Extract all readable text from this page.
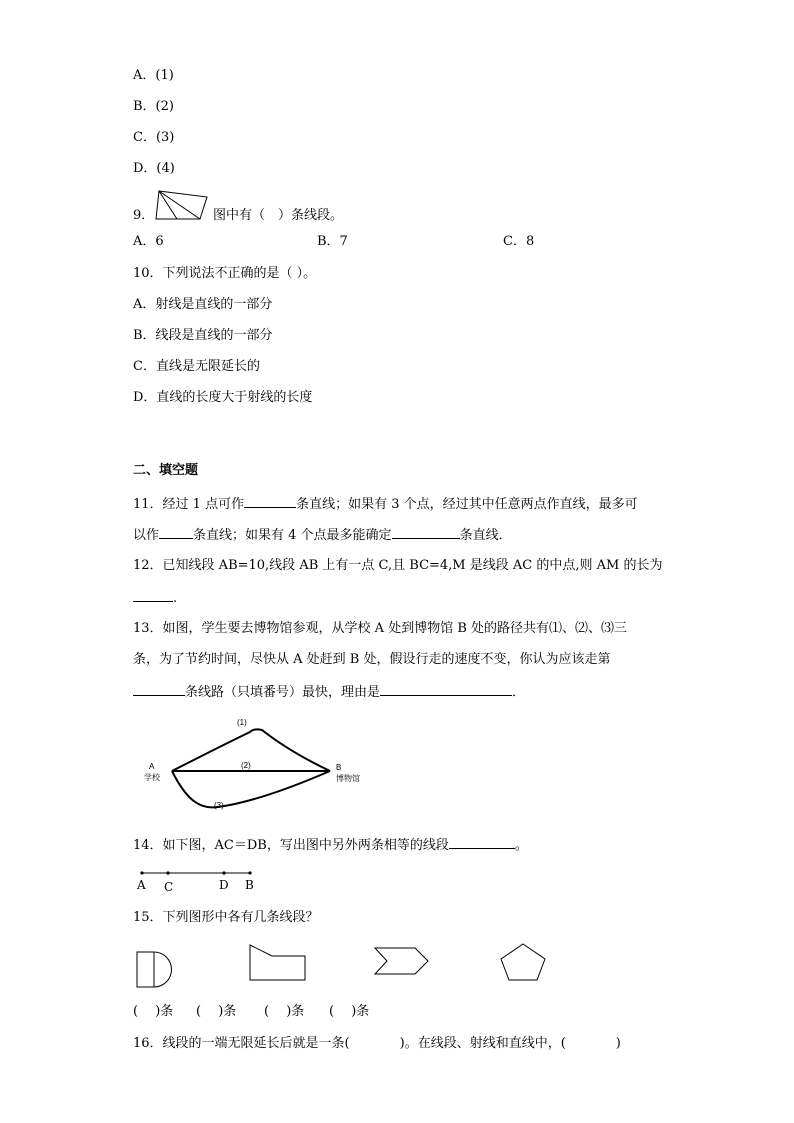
A．(1)
B．(2)
C．(3)
D．(4)
9．	图中有（　）条线段。
A．6	B．7	C．8
10．下列说法不正确的是（ ）。
A．射线是直线的一部分
B．线段是直线的一部分
C．直线是无限延长的
D．直线的长度大于射线的长度
二、填空题
11．经过 1 点可作	条直线；如果有 3 个点，经过其中任意两点作直线，最多可
以作	条直线；如果有 4 个点最多能确定	条直线．
12．已知线段 AB=10,线段 AB 上有一点 C,且 BC=4,M 是线段 AC 的中点,则 AM 的长为
.
13．如图，学生要去博物馆参观，从学校 A 处到博物馆 B 处的路径共有⑴、⑵、⑶三
条，为了节约时间，尽快从 A 处赶到 B 处，假设行走的速度不变，你认为应该走第
条线路（只填番号）最快，理由是	．
A
学校
B
博物馆
(1)
(2)
(3)
14．如下图，AC＝DB，写出图中另外两条相等的线段	。
A C	D B
15．下列图形中各有几条线段？
(　 )条 (　 )条 (　 )条 (　 )条
16．线段的一端无限延长后就是一条(	)。在线段、射线和直线中，(	)
